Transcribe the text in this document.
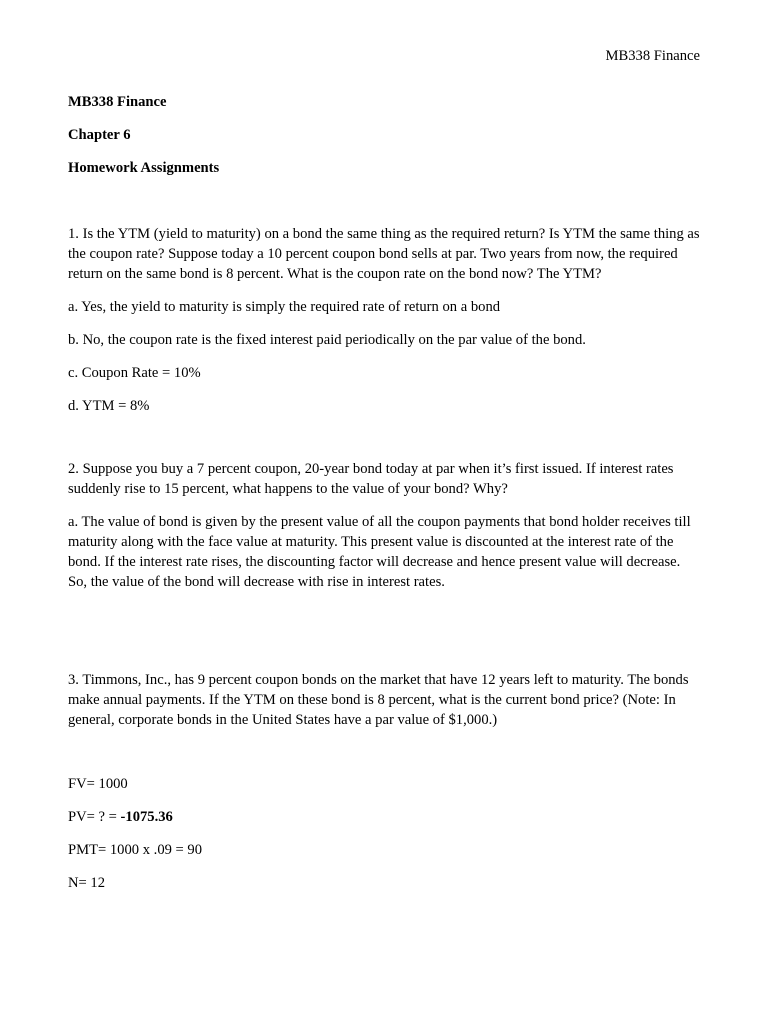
MB338 Finance

MB338 Finance

Chapter 6

Homework Assignments

1. Is the YTM (yield to maturity) on a bond the same thing as the required return? Is YTM the same thing as the coupon rate? Suppose today a 10 percent coupon bond sells at par. Two years from now, the required return on the same bond is 8 percent. What is the coupon rate on the bond now? The YTM?

a. Yes, the yield to maturity is simply the required rate of return on a bond

b. No, the coupon rate is the fixed interest paid periodically on the par value of the bond.

c. Coupon Rate = 10%

d. YTM = 8%

2. Suppose you buy a 7 percent coupon, 20-year bond today at par when it’s first issued. If interest rates suddenly rise to 15 percent, what happens to the value of your bond? Why?

a. The value of bond is given by the present value of all the coupon payments that bond holder receives till maturity along with the face value at maturity. This present value is discounted at the interest rate of the bond. If the interest rate rises, the discounting factor will decrease and hence present value will decrease. So, the value of the bond will decrease with rise in interest rates.

3. Timmons, Inc., has 9 percent coupon bonds on the market that have 12 years left to maturity. The bonds make annual payments. If the YTM on these bond is 8 percent, what is the current bond price? (Note: In general, corporate bonds in the United States have a par value of $1,000.)

FV= 1000

PV= ? = -1075.36

PMT= 1000 x .09 = 90

N= 12
